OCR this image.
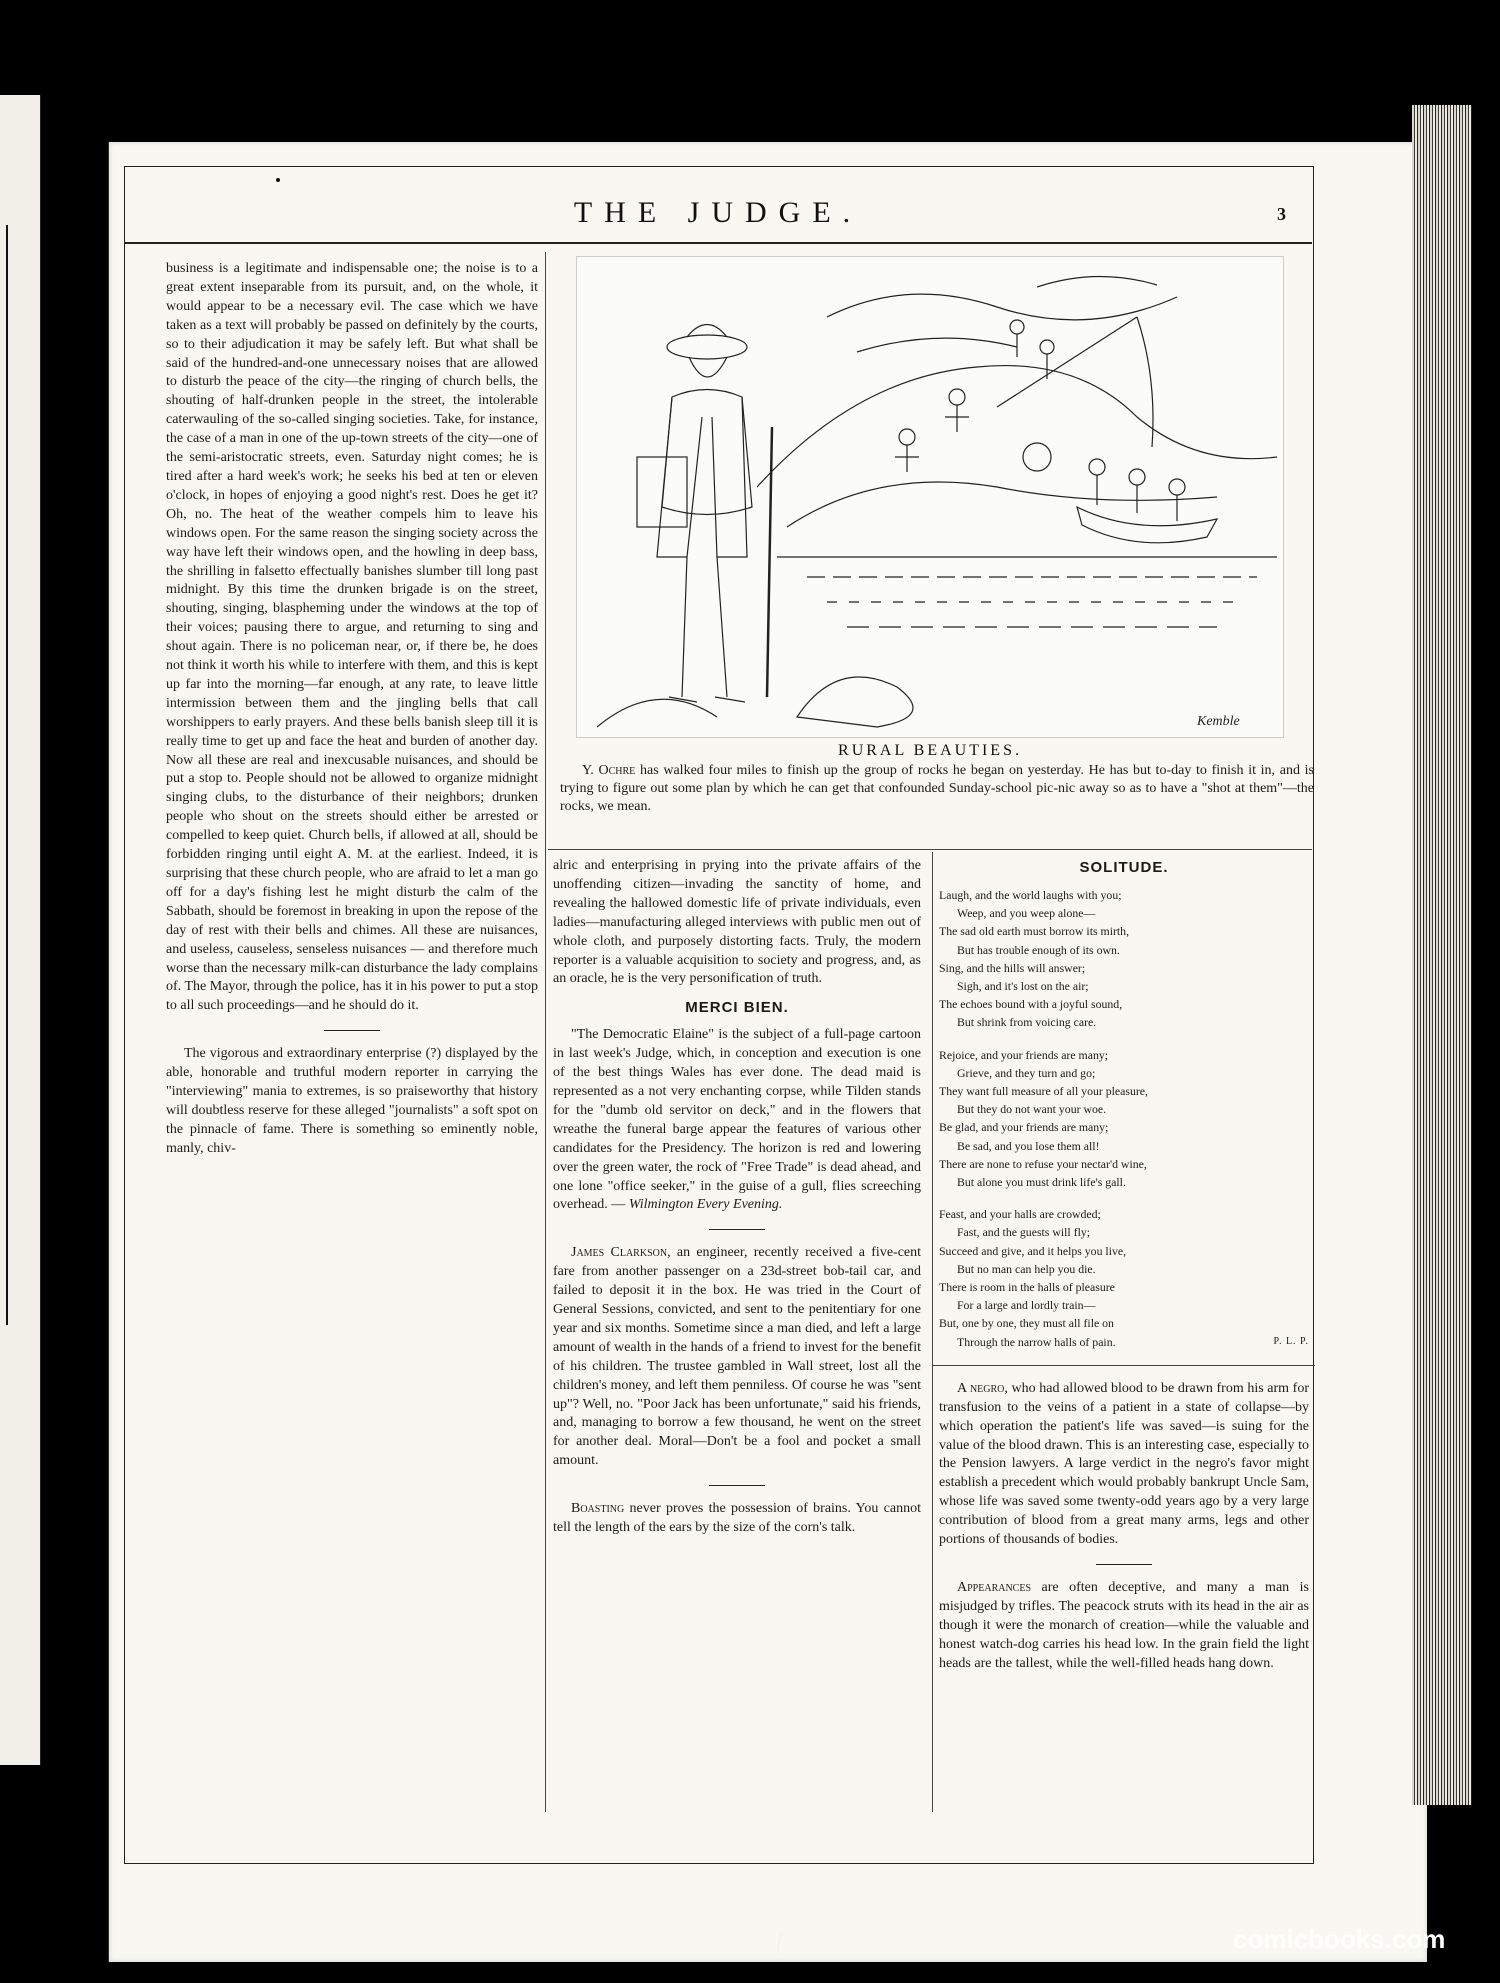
THE JUDGE.	3

business is a legitimate and indispensable one; the noise is to a great extent inseparable from its pursuit, and, on the whole, it would appear to be a necessary evil. The case which we have taken as a text will probably be passed on definitely by the courts, so to their adjudication it may be safely left. But what shall be said of the hundred-and-one unnecessary noises that are allowed to disturb the peace of the city—the ringing of church bells, the shouting of half-drunken people in the street, the intolerable caterwauling of the so-called singing societies. Take, for instance, the case of a man in one of the up-town streets of the city—one of the semi-aristocratic streets, even. Saturday night comes; he is tired after a hard week's work; he seeks his bed at ten or eleven o'clock, in hopes of enjoying a good night's rest. Does he get it? Oh, no. The heat of the weather compels him to leave his windows open. For the same reason the singing society across the way have left their windows open, and the howling in deep bass, the shrilling in falsetto effectually banishes slumber till long past midnight. By this time the drunken brigade is on the street, shouting, singing, blaspheming under the windows at the top of their voices; pausing there to argue, and returning to sing and shout again. There is no policeman near, or, if there be, he does not think it worth his while to interfere with them, and this is kept up far into the morning—far enough, at any rate, to leave little intermission between them and the jingling bells that call worshippers to early prayers. And these bells banish sleep till it is really time to get up and face the heat and burden of another day. Now all these are real and inexcusable nuisances, and should be put a stop to. People should not be allowed to organize midnight singing clubs, to the disturbance of their neighbors; drunken people who shout on the streets should either be arrested or compelled to keep quiet. Church bells, if allowed at all, should be forbidden ringing until eight A. M. at the earliest. Indeed, it is surprising that these church people, who are afraid to let a man go off for a day's fishing lest he might disturb the calm of the Sabbath, should be foremost in breaking in upon the repose of the day of rest with their bells and chimes. All these are nuisances, and useless, causeless, senseless nuisances — and therefore much worse than the necessary milk-can disturbance the lady complains of. The Mayor, through the police, has it in his power to put a stop to all such proceedings—and he should do it.

The vigorous and extraordinary enterprise (?) displayed by the able, honorable and truthful modern reporter in carrying the "interviewing" mania to extremes, is so praiseworthy that history will doubtless reserve for these alleged "journalists" a soft spot on the pinnacle of fame. There is something so eminently noble, manly, chiv-

Kemble
RURAL BEAUTIES.
Y. Ochre has walked four miles to finish up the group of rocks he began on yesterday. He has but to-day to finish it in, and is trying to figure out some plan by which he can get that confounded Sunday-school pic-nic away so as to have a "shot at them"—the rocks, we mean.

alric and enterprising in prying into the private affairs of the unoffending citizen—invading the sanctity of home, and revealing the hallowed domestic life of private individuals, even ladies—manufacturing alleged interviews with public men out of whole cloth, and purposely distorting facts. Truly, the modern reporter is a valuable acquisition to society and progress, and, as an oracle, he is the very personification of truth.

MERCI BIEN.

"The Democratic Elaine" is the subject of a full-page cartoon in last week's Judge, which, in conception and execution is one of the best things Wales has ever done. The dead maid is represented as a not very enchanting corpse, while Tilden stands for the "dumb old servitor on deck," and in the flowers that wreathe the funeral barge appear the features of various other candidates for the Presidency. The horizon is red and lowering over the green water, the rock of "Free Trade" is dead ahead, and one lone "office seeker," in the guise of a gull, flies screeching overhead. — Wilmington Every Evening.

James Clarkson, an engineer, recently received a five-cent fare from another passenger on a 23d-street bob-tail car, and failed to deposit it in the box. He was tried in the Court of General Sessions, convicted, and sent to the penitentiary for one year and six months. Sometime since a man died, and left a large amount of wealth in the hands of a friend to invest for the benefit of his children. The trustee gambled in Wall street, lost all the children's money, and left them penniless. Of course he was "sent up"? Well, no. "Poor Jack has been unfortunate," said his friends, and, managing to borrow a few thousand, he went on the street for another deal. Moral—Don't be a fool and pocket a small amount.

Boasting never proves the possession of brains. You cannot tell the length of the ears by the size of the corn's talk.

SOLITUDE.
Laugh, and the world laughs with you;
Weep, and you weep alone—
The sad old earth must borrow its mirth,
But has trouble enough of its own.
Sing, and the hills will answer;
Sigh, and it's lost on the air;
The echoes bound with a joyful sound,
But shrink from voicing care.
Rejoice, and your friends are many;
Grieve, and they turn and go;
They want full measure of all your pleasure,
But they do not want your woe.
Be glad, and your friends are many;
Be sad, and you lose them all!
There are none to refuse your nectar'd wine,
But alone you must drink life's gall.
Feast, and your halls are crowded;
Fast, and the guests will fly;
Succeed and give, and it helps you live,
But no man can help you die.
There is room in the halls of pleasure
For a large and lordly train—
But, one by one, they must all file on
Through the narrow halls of pain.	P. L. P.

A negro, who had allowed blood to be drawn from his arm for transfusion to the veins of a patient in a state of collapse—by which operation the patient's life was saved—is suing for the value of the blood drawn. This is an interesting case, especially to the Pension lawyers. A large verdict in the negro's favor might establish a precedent which would probably bankrupt Uncle Sam, whose life was saved some twenty-odd years ago by a very large contribution of blood from a great many arms, legs and other portions of thousands of bodies.

Appearances are often deceptive, and many a man is misjudged by trifles. The peacock struts with its head in the air as though it were the monarch of creation—while the valuable and honest watch-dog carries his head low. In the grain field the light heads are the tallest, while the well-filled heads hang down.

comicbooks.com
